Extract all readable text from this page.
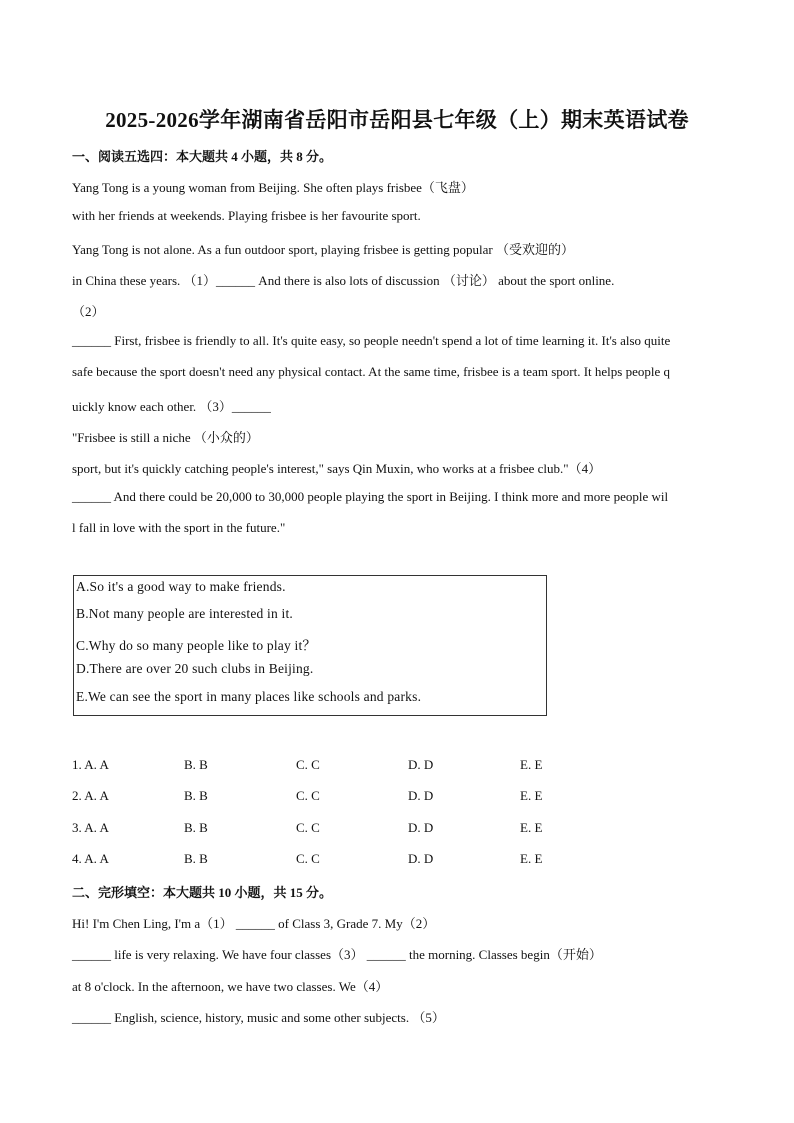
2025-2026学年湖南省岳阳市岳阳县七年级（上）期末英语试卷
一、阅读五选四：本大题共 4 小题，共 8 分。
Yang Tong is a young woman from Beijing. She often plays frisbee（飞盘）
with her friends at weekends. Playing frisbee is her favourite sport.
Yang Tong is not alone. As a fun outdoor sport, playing frisbee is getting popular （受欢迎的）
in China these years. （1）______ And there is also lots of discussion （讨论） about the sport online.
（2）
______ First, frisbee is friendly to all. It's quite easy, so people needn't spend a lot of time learning it. It's also quite
safe because the sport doesn't need any physical contact. At the same time, frisbee is a team sport. It helps people q
uickly know each other. （3）______
"Frisbee is still a niche （小众的）
sport, but it's quickly catching people's interest," says Qin Muxin, who works at a frisbee club."（4）
______ And there could be 20,000 to 30,000 people playing the sport in Beijing. I think more and more people wil
l fall in love with the sport in the future."
A.So it's a good way to make friends.
B.Not many people are interested in it.
C.Why do so many people like to play it？
D.There are over 20 such clubs in Beijing.
E.We can see the sport in many places like schools and parks.
1. A. A	B. B	C. C	D. D	E. E
2. A. A	B. B	C. C	D. D	E. E
3. A. A	B. B	C. C	D. D	E. E
4. A. A	B. B	C. C	D. D	E. E
二、完形填空：本大题共 10 小题，共 15 分。
Hi! I'm Chen Ling, I'm a（1） ______ of Class 3, Grade 7. My（2）
______ life is very relaxing. We have four classes（3） ______ the morning. Classes begin（开始）
at 8 o'clock. In the afternoon, we have two classes. We（4）
______ English, science, history, music and some other subjects. （5）
